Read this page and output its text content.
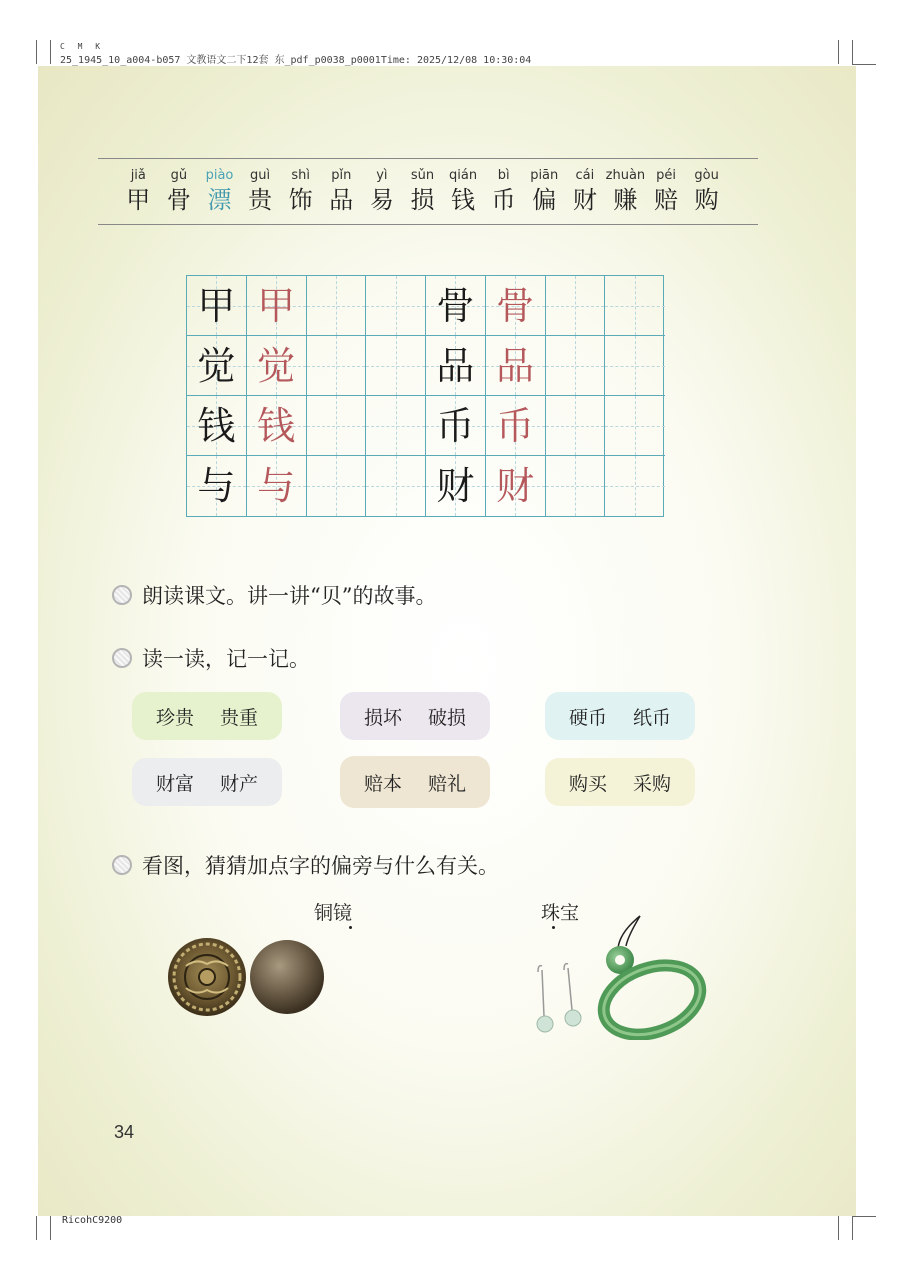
C M K
25_1945_10_a004-b057 文教语文二下12套 东_pdf_p0038_p0001Time: 2025/12/08 10:30:04
jiǎ
甲
gǔ
骨
piào
漂
guì
贵
shì
饰
pǐn
品
yì
易
sǔn
损
qián
钱
bì
币
piān
偏
cái
财
zhuàn
赚
péi
赔
gòu
购
甲 甲	骨 骨
觉 觉	品 品
钱 钱	币 币
与 与	财 财
朗读课文。讲一讲“贝”的故事。
读一读，记一记。
珍贵 贵重	损坏 破损	硬币 纸币
财富 财产	赔本 赔礼	购买 采购
看图，猜猜加点字的偏旁与什么有关。
铜镜	珠宝
34
RicohC9200
